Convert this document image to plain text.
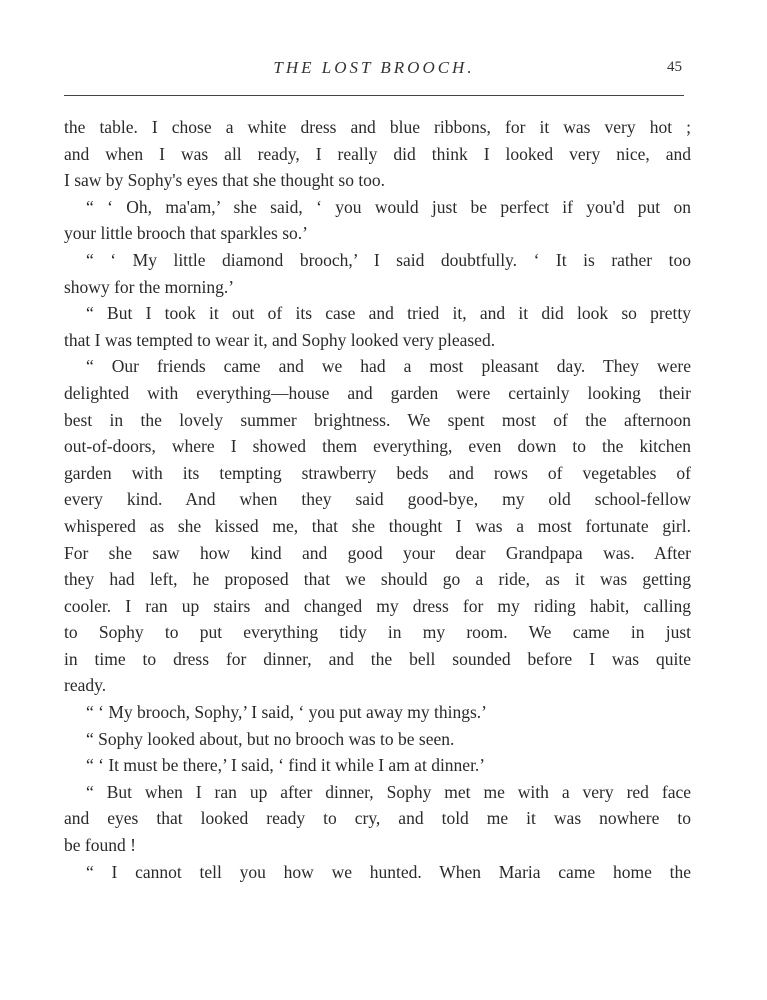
THE LOST BROOCH.	45
the table. I chose a white dress and blue ribbons, for it was very hot ;
and when I was all ready, I really did think I looked very nice, and
I saw by Sophy's eyes that she thought so too.
“ ‘ Oh, ma'am,’ she said, ‘ you would just be perfect if you'd put on
your little brooch that sparkles so.’
“ ‘ My little diamond brooch,’ I said doubtfully. ‘ It is rather too
showy for the morning.’
“ But I took it out of its case and tried it, and it did look so pretty
that I was tempted to wear it, and Sophy looked very pleased.
“ Our friends came and we had a most pleasant day. They were
delighted with everything—house and garden were certainly looking their
best in the lovely summer brightness. We spent most of the afternoon
out-of-doors, where I showed them everything, even down to the kitchen
garden with its tempting strawberry beds and rows of vegetables of
every kind. And when they said good-bye, my old school-fellow
whispered as she kissed me, that she thought I was a most fortunate girl.
For she saw how kind and good your dear Grandpapa was. After
they had left, he proposed that we should go a ride, as it was getting
cooler. I ran up stairs and changed my dress for my riding habit, calling
to Sophy to put everything tidy in my room. We came in just
in time to dress for dinner, and the bell sounded before I was quite
ready.
“ ‘ My brooch, Sophy,’ I said, ‘ you put away my things.’
“ Sophy looked about, but no brooch was to be seen.
“ ‘ It must be there,’ I said, ‘ find it while I am at dinner.’
“ But when I ran up after dinner, Sophy met me with a very red face
and eyes that looked ready to cry, and told me it was nowhere to
be found !
“ I cannot tell you how we hunted. When Maria came home the
